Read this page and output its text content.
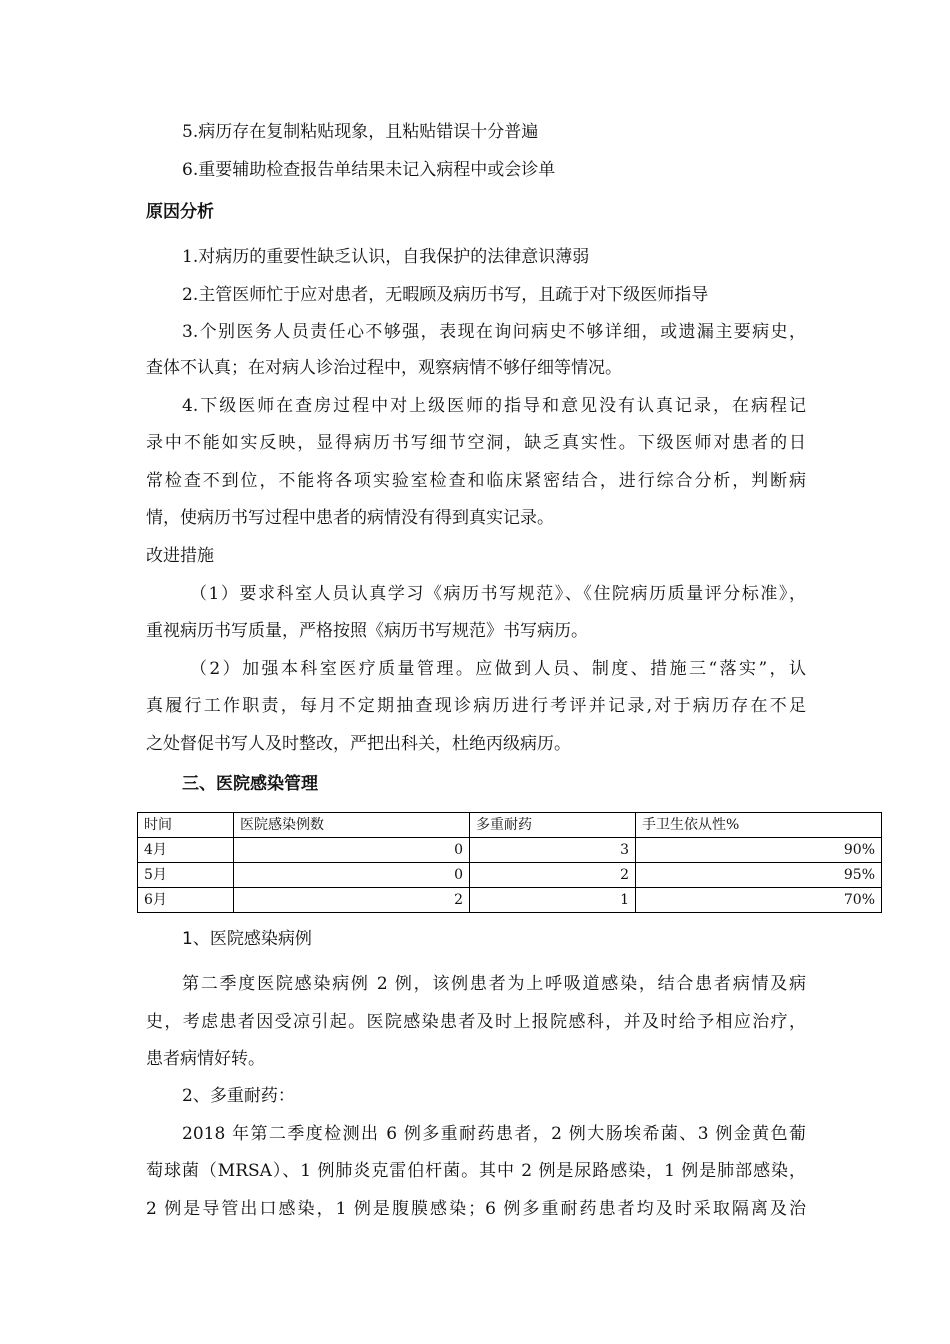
5.病历存在复制粘贴现象，且粘贴错误十分普遍
6.重要辅助检查报告单结果未记入病程中或会诊单
原因分析
1.对病历的重要性缺乏认识，自我保护的法律意识薄弱
2.主管医师忙于应对患者，无暇顾及病历书写，且疏于对下级医师指导
3.个别医务人员责任心不够强，表现在询问病史不够详细，或遗漏主要病史，
查体不认真；在对病人诊治过程中，观察病情不够仔细等情况。
4.下级医师在查房过程中对上级医师的指导和意见没有认真记录，在病程记
录中不能如实反映，显得病历书写细节空洞，缺乏真实性。下级医师对患者的日
常检查不到位，不能将各项实验室检查和临床紧密结合，进行综合分析，判断病
情，使病历书写过程中患者的病情没有得到真实记录。
改进措施
（1）要求科室人员认真学习《病历书写规范》、《住院病历质量评分标准》，
重视病历书写质量，严格按照《病历书写规范》书写病历。
（2）加强本科室医疗质量管理。应做到人员、制度、措施三“落实”，认
真履行工作职责，每月不定期抽查现诊病历进行考评并记录,对于病历存在不足
之处督促书写人及时整改，严把出科关，杜绝丙级病历。
三、医院感染管理
时间	医院感染例数	多重耐药	手卫生依从性%
4月	0	3	90%
5月	0	2	95%
6月	2	1	70%
1、医院感染病例
第二季度医院感染病例 2 例，该例患者为上呼吸道感染，结合患者病情及病
史，考虑患者因受凉引起。医院感染患者及时上报院感科，并及时给予相应治疗，
患者病情好转。
2、多重耐药：
2018 年第二季度检测出 6 例多重耐药患者，2 例大肠埃希菌、3 例金黄色葡
萄球菌（MRSA）、1 例肺炎克雷伯杆菌。其中 2 例是尿路感染，1 例是肺部感染，
2 例是导管出口感染，1 例是腹膜感染；6 例多重耐药患者均及时采取隔离及治
